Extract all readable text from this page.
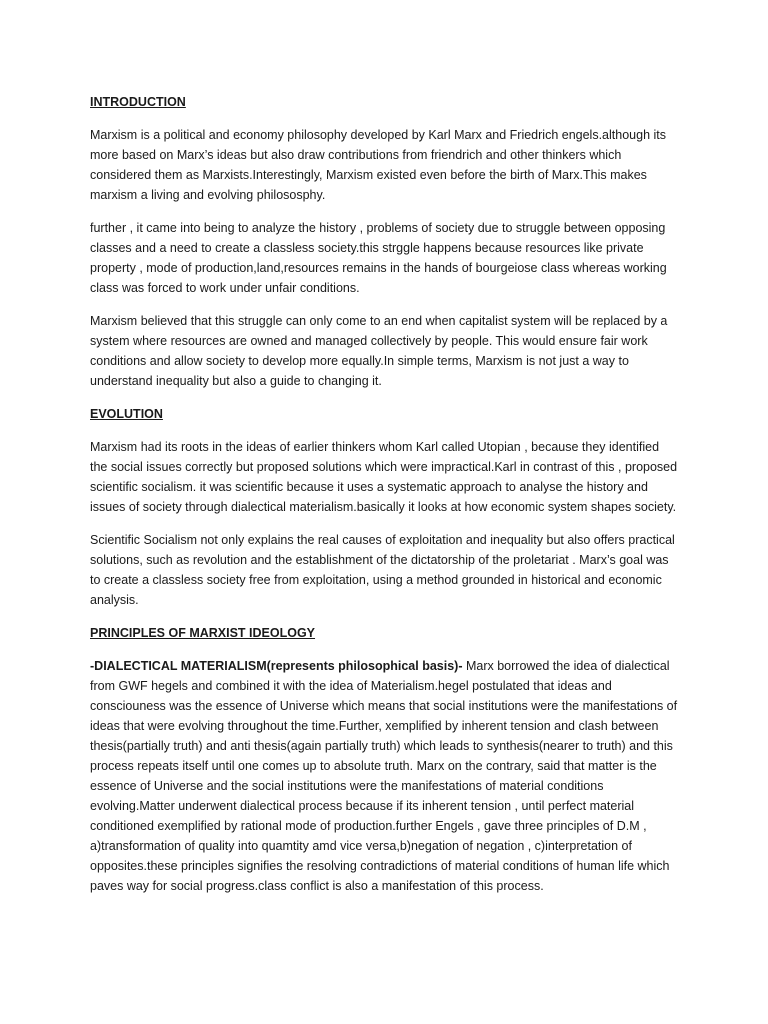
INTRODUCTION

Marxism is a political and economy philosophy developed by Karl Marx and Friedrich engels.although its more based on Marx’s ideas but also draw contributions from friendrich and other thinkers which considered them as Marxists.Interestingly, Marxism existed even before the birth of Marx.This makes marxism a living and evolving philososphy.

further , it came into being to analyze the history , problems of society due to struggle between opposing classes and a need to create a classless society.this strggle happens because resources like private property , mode of production,land,resources remains in the hands of bourgeiose class whereas working class was forced to work under unfair conditions.

Marxism believed that this struggle can only come to an end when capitalist system will be replaced by a system where resources are owned and managed collectively by people. This would ensure fair work conditions and allow society to develop more equally.In simple terms, Marxism is not just a way to understand inequality but also a guide to changing it.

EVOLUTION

Marxism had its roots in the ideas of earlier thinkers whom Karl called Utopian , because they identified the social issues correctly but proposed solutions which were impractical.Karl in contrast of this , proposed scientific socialism. it was scientific because it uses a systematic approach to analyse the history and issues of society through dialectical materialism.basically it looks at how economic system shapes society.

Scientific Socialism not only explains the real causes of exploitation and inequality but also offers practical solutions, such as revolution and the establishment of the dictatorship of the proletariat . Marx’s goal was to create a classless society free from exploitation, using a method grounded in historical and economic analysis.

PRINCIPLES OF MARXIST IDEOLOGY

-DIALECTICAL MATERIALISM(represents philosophical basis)- Marx borrowed the idea of dialectical from GWF hegels and combined it with the idea of Materialism.hegel postulated that ideas and consciouness was the essence of Universe which means that social institutions were the manifestations of ideas that were evolving throughout the time.Further, xemplified by inherent tension and clash between thesis(partially truth) and anti thesis(again partially truth) which leads to synthesis(nearer to truth) and this process repeats itself until one comes up to absolute truth. Marx on the contrary, said that matter is the essence of Universe and the social institutions were the manifestations of material conditions evolving.Matter underwent dialectical process because if its inherent tension , until perfect material conditioned exemplified by rational mode of production.further Engels , gave three principles of D.M , a)transformation of quality into quamtity amd vice versa,b)negation of negation , c)interpretation of opposites.these principles signifies the resolving contradictions of material conditions of human life which paves way for social progress.class conflict is also a manifestation of this process.
